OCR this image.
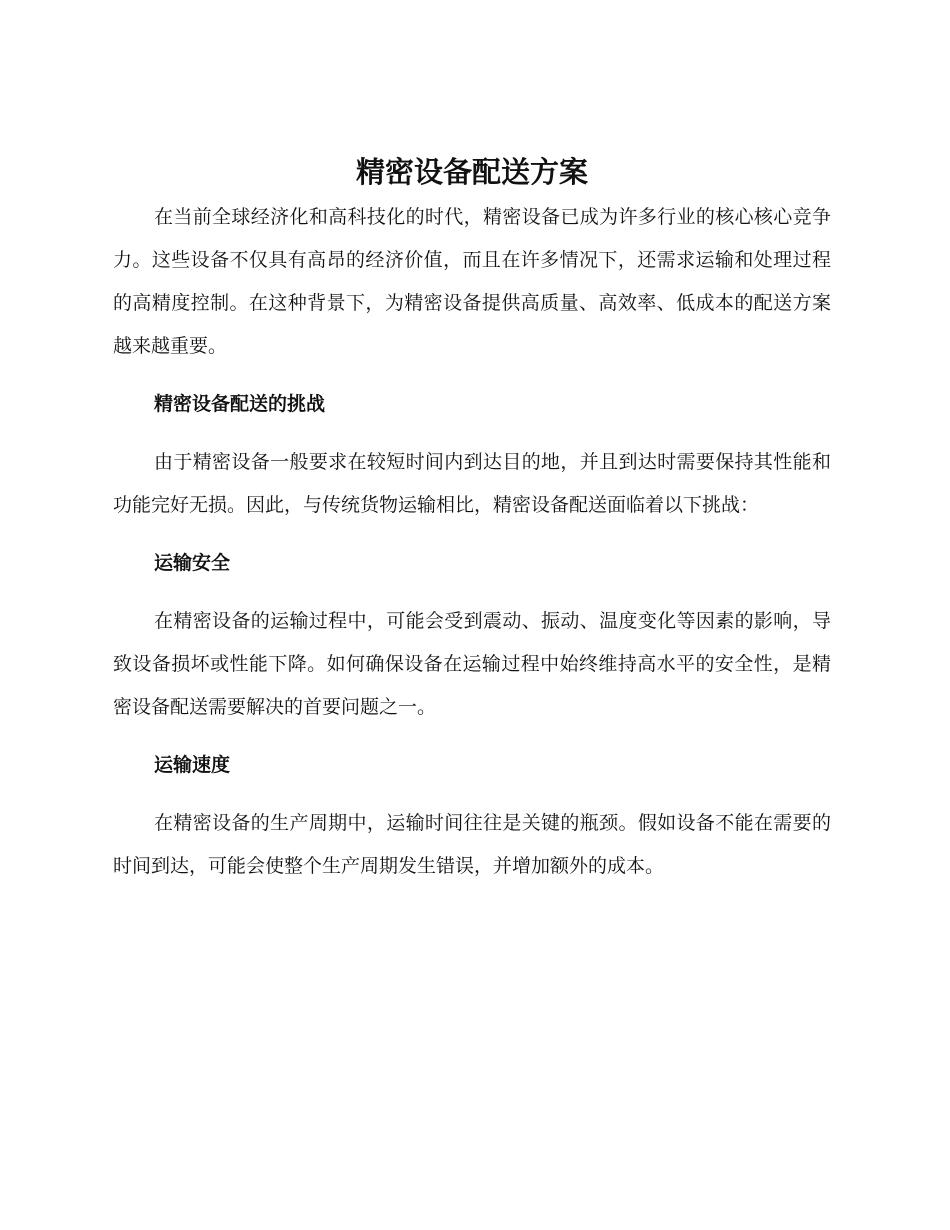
精密设备配送方案

在当前全球经济化和高科技化的时代，精密设备已成为许多行业的核心核心竞争力。这些设备不仅具有高昂的经济价值，而且在许多情况下，还需求运输和处理过程的高精度控制。在这种背景下，为精密设备提供高质量、高效率、低成本的配送方案越来越重要。

精密设备配送的挑战

由于精密设备一般要求在较短时间内到达目的地，并且到达时需要保持其性能和功能完好无损。因此，与传统货物运输相比，精密设备配送面临着以下挑战：

运输安全

在精密设备的运输过程中，可能会受到震动、振动、温度变化等因素的影响，导致设备损坏或性能下降。如何确保设备在运输过程中始终维持高水平的安全性，是精密设备配送需要解决的首要问题之一。

运输速度

在精密设备的生产周期中，运输时间往往是关键的瓶颈。假如设备不能在需要的时间到达，可能会使整个生产周期发生错误，并增加额外的成本。
